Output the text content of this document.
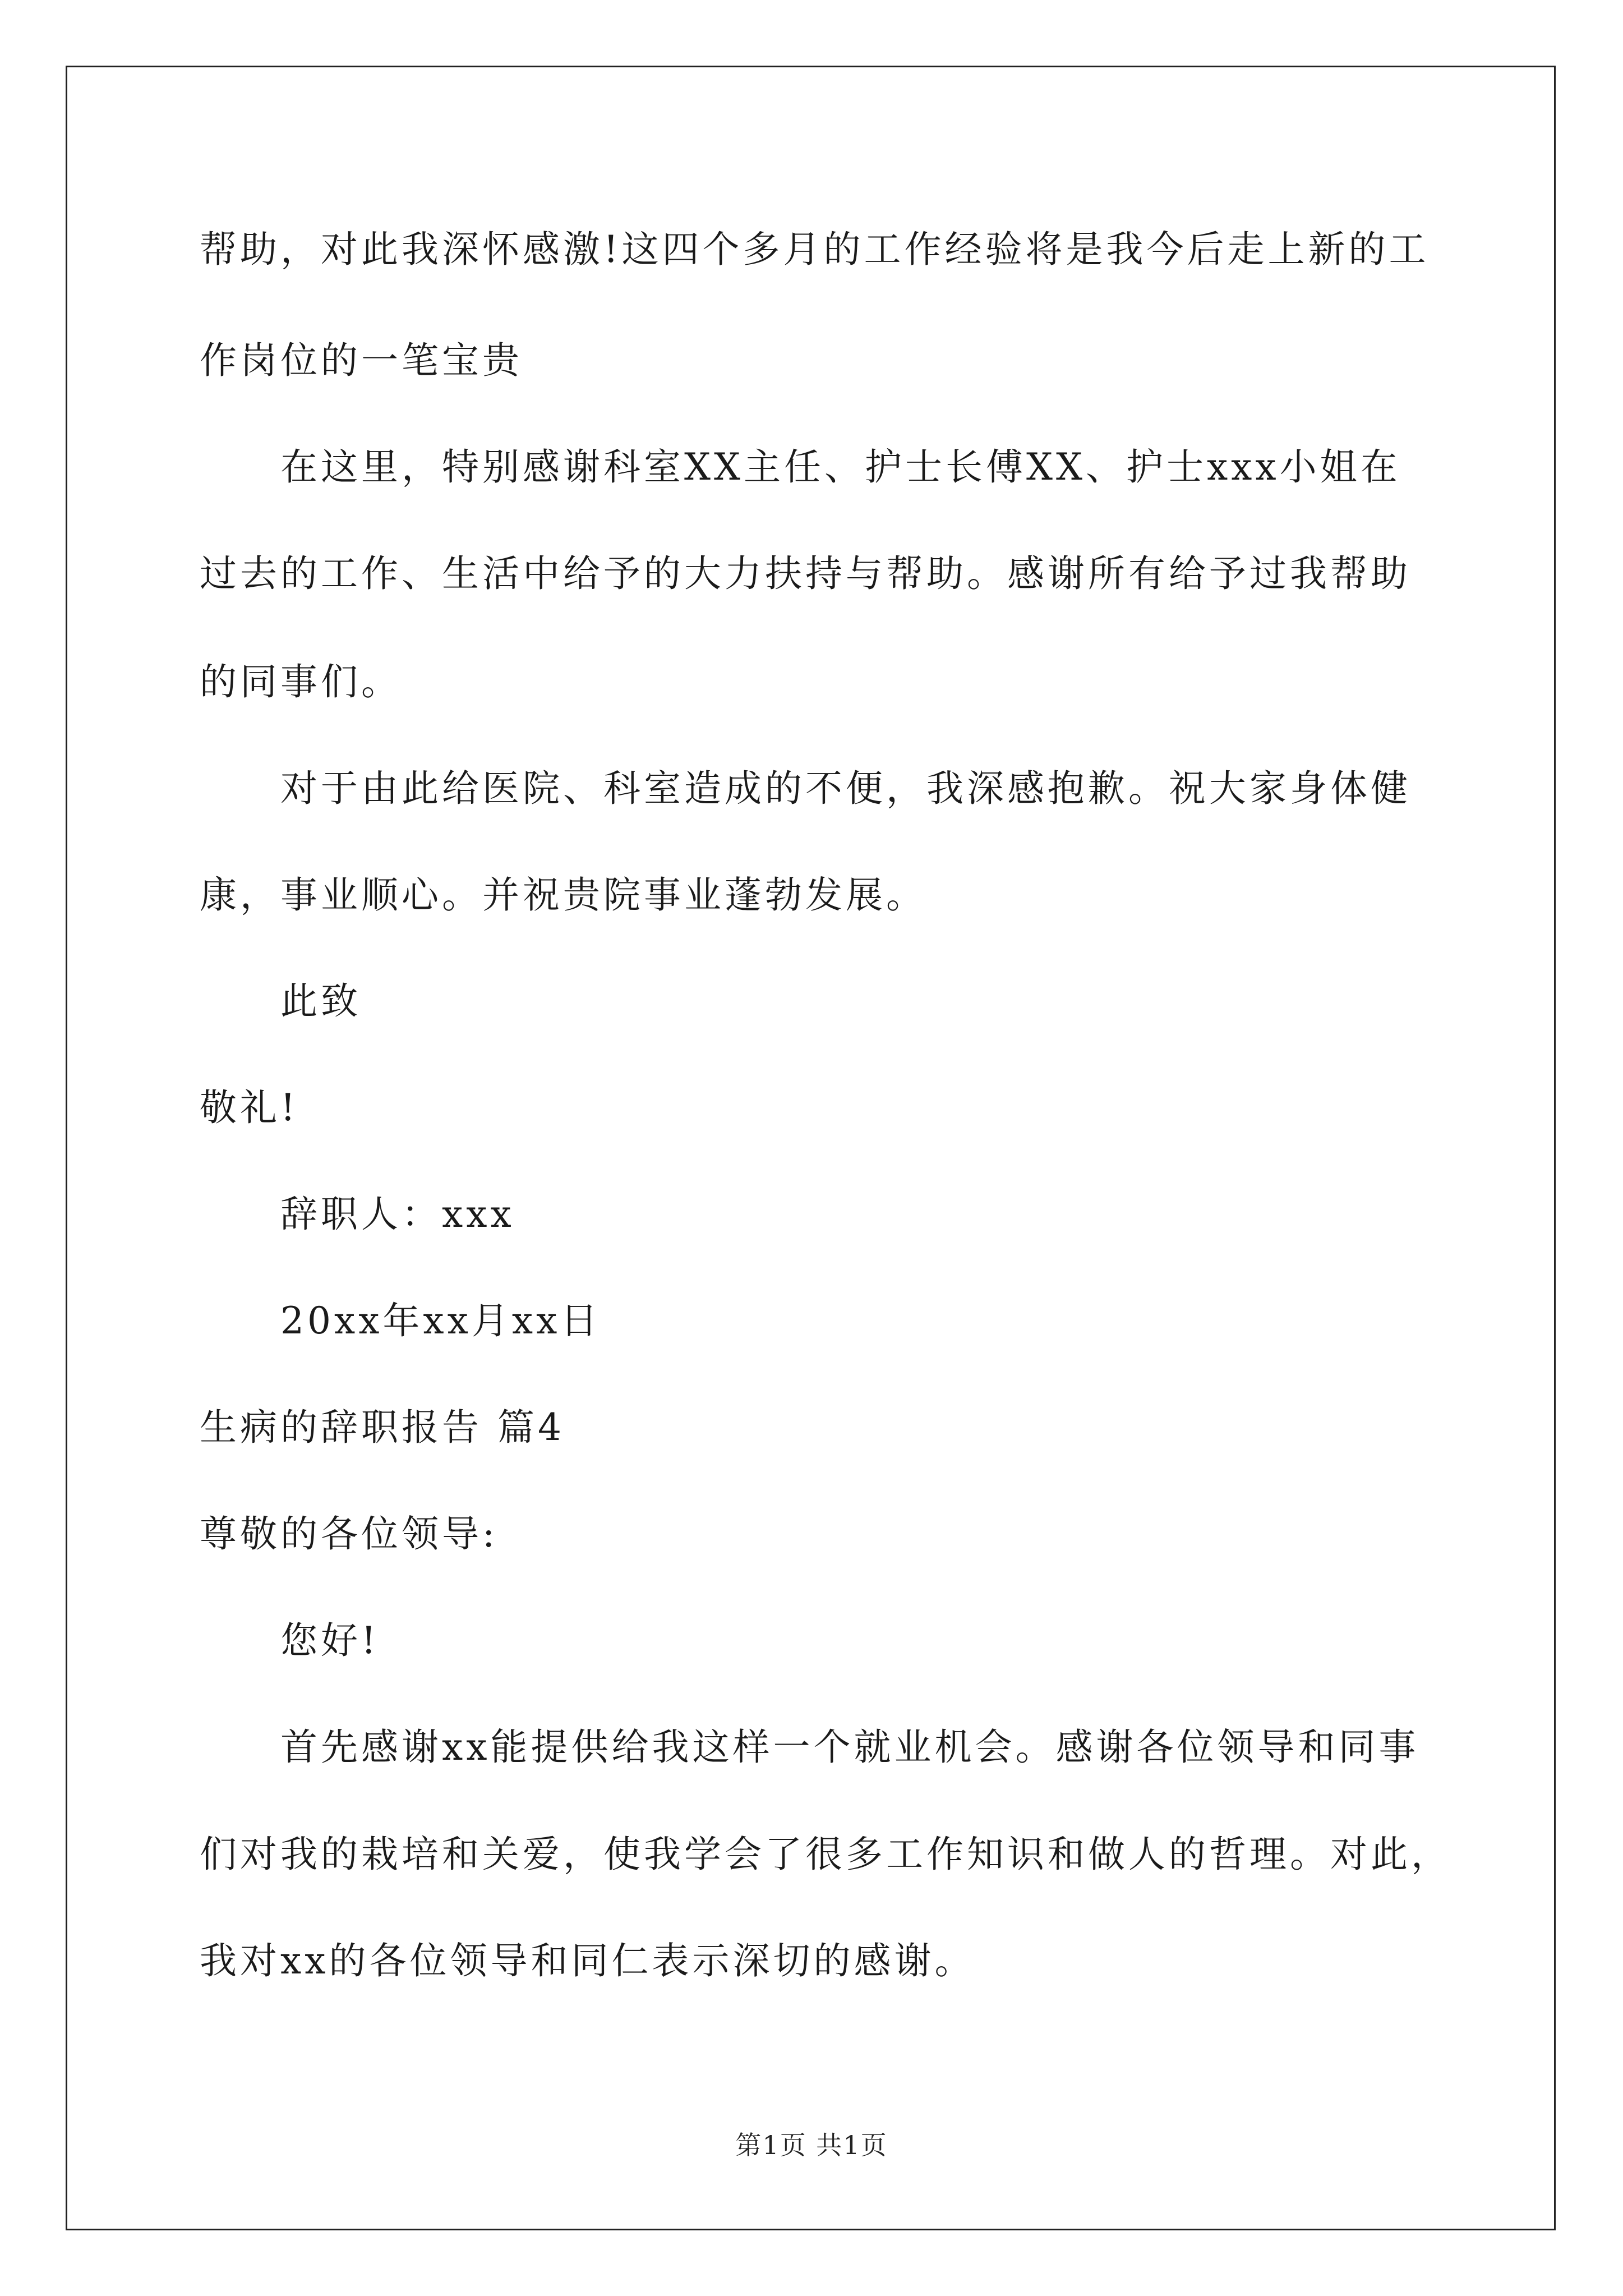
帮助，对此我深怀感激!这四个多月的工作经验将是我今后走上新的工
作岗位的一笔宝贵
在这里，特别感谢科室XX主任、护士长傅XX、护士xxx小姐在
过去的工作、生活中给予的大力扶持与帮助。感谢所有给予过我帮助
的同事们。
对于由此给医院、科室造成的不便，我深感抱歉。祝大家身体健
康，事业顺心。并祝贵院事业蓬勃发展。
此致
敬礼!
辞职人：xxx
20xx年xx月xx日
生病的辞职报告 篇4
尊敬的各位领导:
您好!
首先感谢xx能提供给我这样一个就业机会。感谢各位领导和同事
们对我的栽培和关爱，使我学会了很多工作知识和做人的哲理。对此，
我对xx的各位领导和同仁表示深切的感谢。
第1页 共1页
